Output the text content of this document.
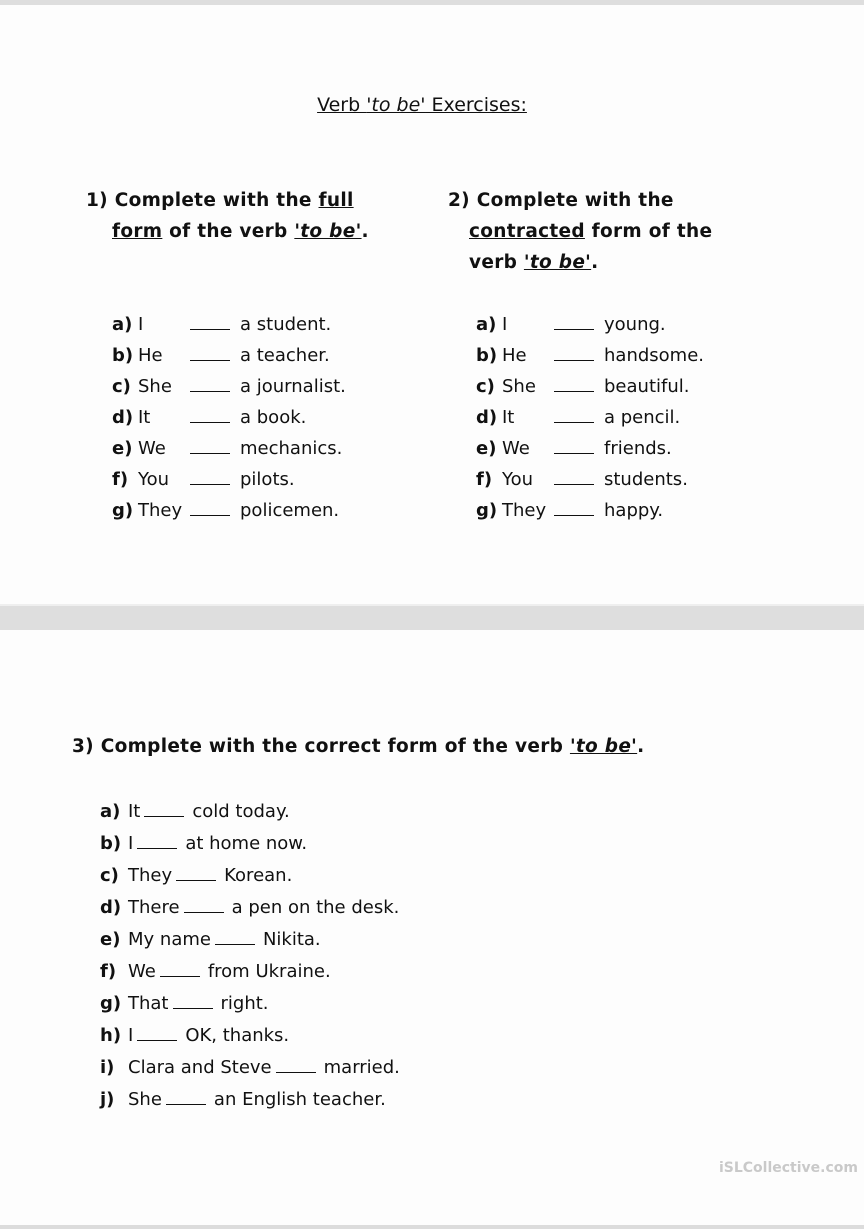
Verb 'to be' Exercises:
1) Complete with the full
form of the verb 'to be'.
2) Complete with the
contracted form of the
verb 'to be'.
a) I	a student.
b) He	a teacher.
c) She	a journalist.
d) It	a book.
e) We	mechanics.
f) You	pilots.
g) They	policemen.
a) I	young.
b) He	handsome.
c) She	beautiful.
d) It	a pencil.
e) We	friends.
f) You	students.
g) They	happy.
3) Complete with the correct form of the verb 'to be'.
a) It	cold today.
b) I	at home now.
c) They	Korean.
d) There	a pen on the desk.
e) My name	Nikita.
f) We	from Ukraine.
g) That	right.
h) I	OK, thanks.
i) Clara and Steve	married.
j) She	an English teacher.
iSLCollective.com
